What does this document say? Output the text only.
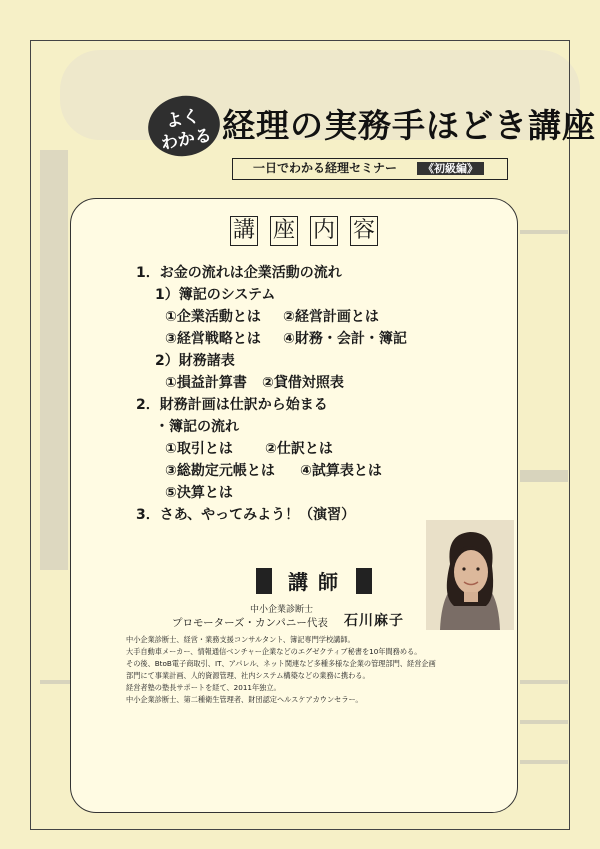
よく
わかる 経理の実務手ほどき講座
一日でわかる経理セミナー 《初級編》
講 座 内 容
1．お金の流れは企業活動の流れ
1）簿記のシステム
①企業活動とは ②経営計画とは
③経営戦略とは ④財務・会計・簿記
2）財務諸表
①損益計算書 ②貸借対照表
2．財務計画は仕訳から始まる
・簿記の流れ
①取引とは ②仕訳とは
③総勘定元帳とは ④試算表とは
⑤決算とは
3．さあ、やってみよう！（演習）
講師
中小企業診断士
プロモーターズ・カンパニー代表 石川麻子
中小企業診断士、経営・業務支援コンサルタント、簿記専門学校講師。
大手自動車メーカー、情報通信ベンチャー企業などのエグゼクティブ秘書を10年間務める。
その後、BtoB電子商取引、IT、アパレル、ネット関連など多種多様な企業の管理部門、経営企画
部門にて事業計画、人的資源管理、社内システム構築などの業務に携わる。
経営者塾の塾長サポートを経て、2011年独立。
中小企業診断士、第二種衛生管理者、財団認定ヘルスケアカウンセラー。
